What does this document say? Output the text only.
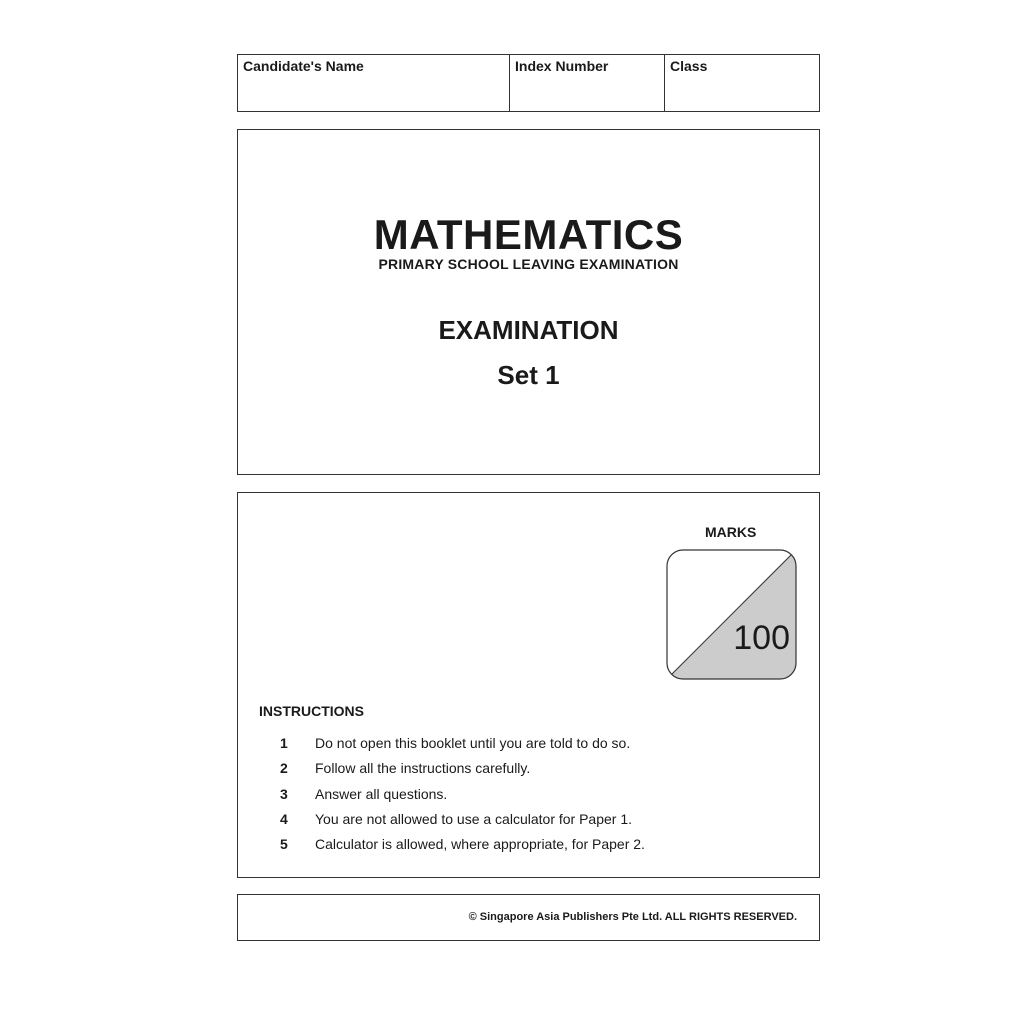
Candidate's Name	Index Number	Class
MATHEMATICS
PRIMARY SCHOOL LEAVING EXAMINATION
EXAMINATION
Set 1
MARKS
100
INSTRUCTIONS
1	Do not open this booklet until you are told to do so.
2	Follow all the instructions carefully.
3	Answer all questions.
4	You are not allowed to use a calculator for Paper 1.
5	Calculator is allowed, where appropriate, for Paper 2.
© Singapore Asia Publishers Pte Ltd. ALL RIGHTS RESERVED.
